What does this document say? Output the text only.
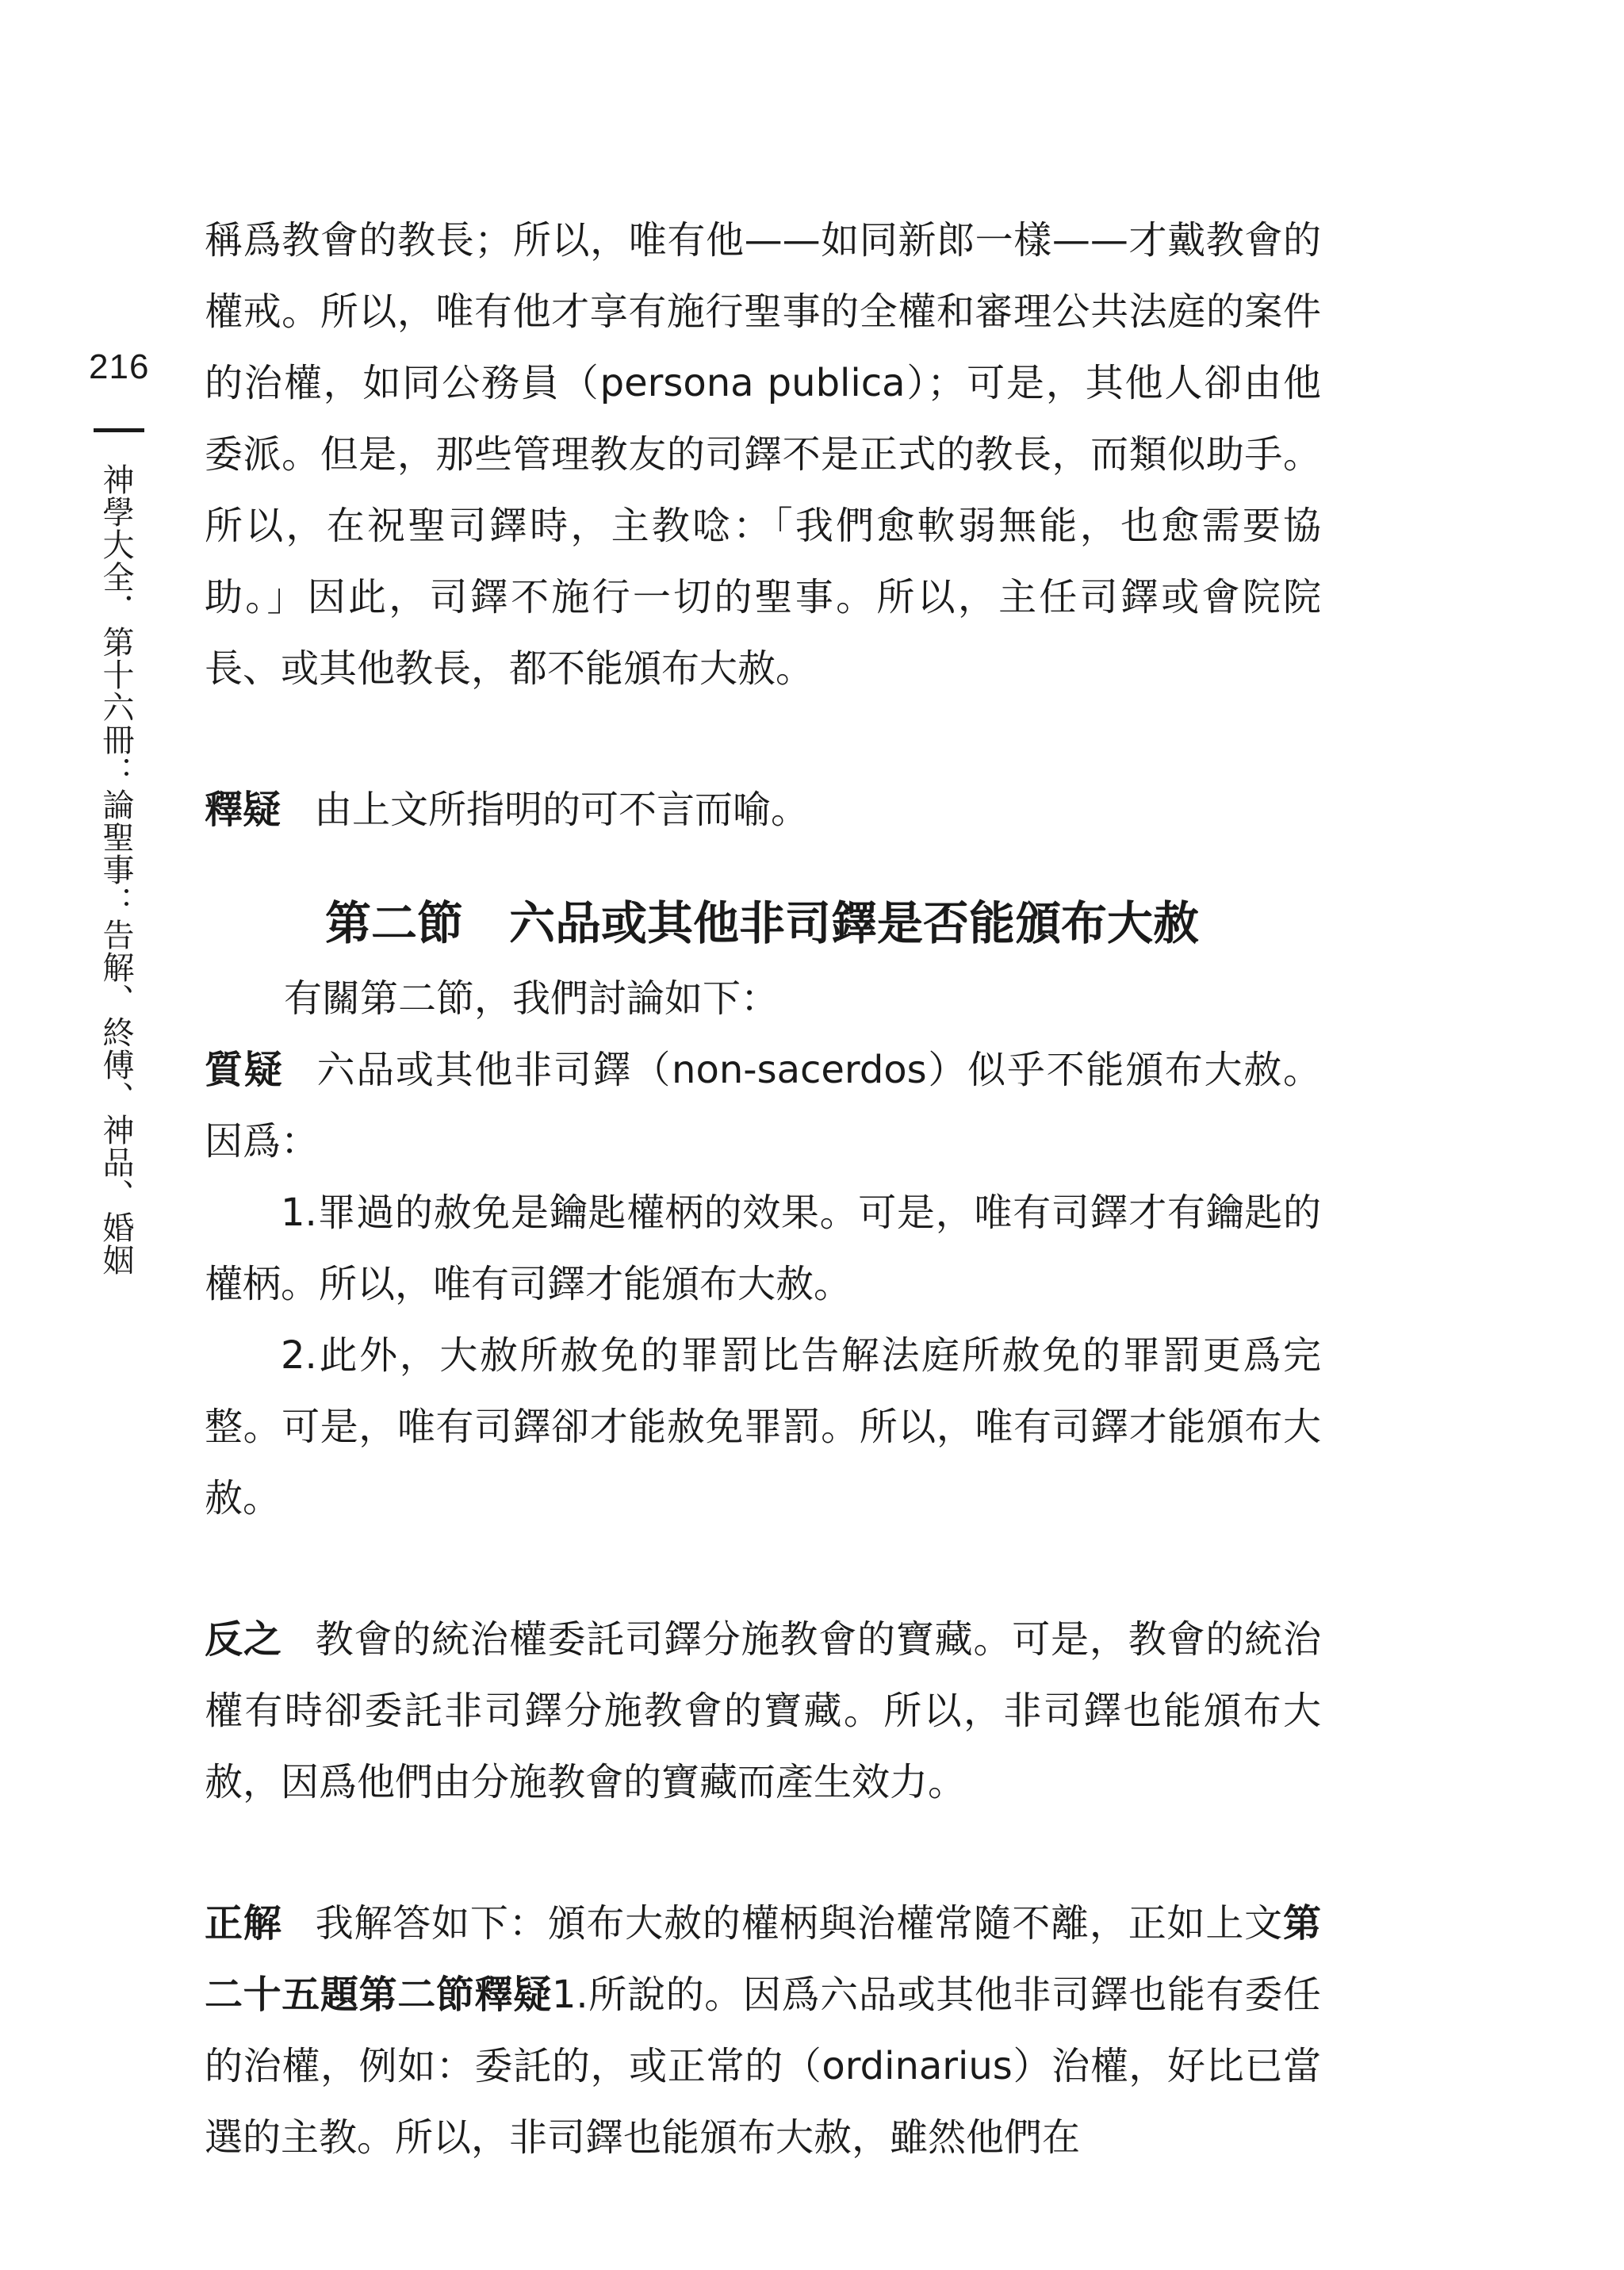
216
神學大全．第十六冊：論聖事：告解、終傅、神品、婚姻

稱爲教會的教長；所以，唯有他——如同新郎一樣——才戴教會的權戒。所以，唯有他才享有施行聖事的全權和審理公共法庭的案件的治權，如同公務員（persona publica）；可是，其他人卻由他委派。但是，那些管理教友的司鐸不是正式的教長，而類似助手。所以，在祝聖司鐸時，主教唸：「我們愈軟弱無能，也愈需要協助。」因此，司鐸不施行一切的聖事。所以，主任司鐸或會院院長、或其他教長，都不能頒布大赦。

釋疑 由上文所指明的可不言而喻。

第二節 六品或其他非司鐸是否能頒布大赦

有關第二節，我們討論如下：

質疑 六品或其他非司鐸（non-sacerdos）似乎不能頒布大赦。因爲：

1.罪過的赦免是鑰匙權柄的效果。可是，唯有司鐸才有鑰匙的權柄。所以，唯有司鐸才能頒布大赦。

2.此外，大赦所赦免的罪罰比告解法庭所赦免的罪罰更爲完整。可是，唯有司鐸卻才能赦免罪罰。所以，唯有司鐸才能頒布大赦。

反之 教會的統治權委託司鐸分施教會的寶藏。可是，教會的統治權有時卻委託非司鐸分施教會的寶藏。所以，非司鐸也能頒布大赦，因爲他們由分施教會的寶藏而產生效力。

正解 我解答如下：頒布大赦的權柄與治權常隨不離，正如上文第二十五題第二節釋疑1.所說的。因爲六品或其他非司鐸也能有委任的治權，例如：委託的，或正常的（ordinarius）治權，好比已當選的主教。所以，非司鐸也能頒布大赦，雖然他們在
